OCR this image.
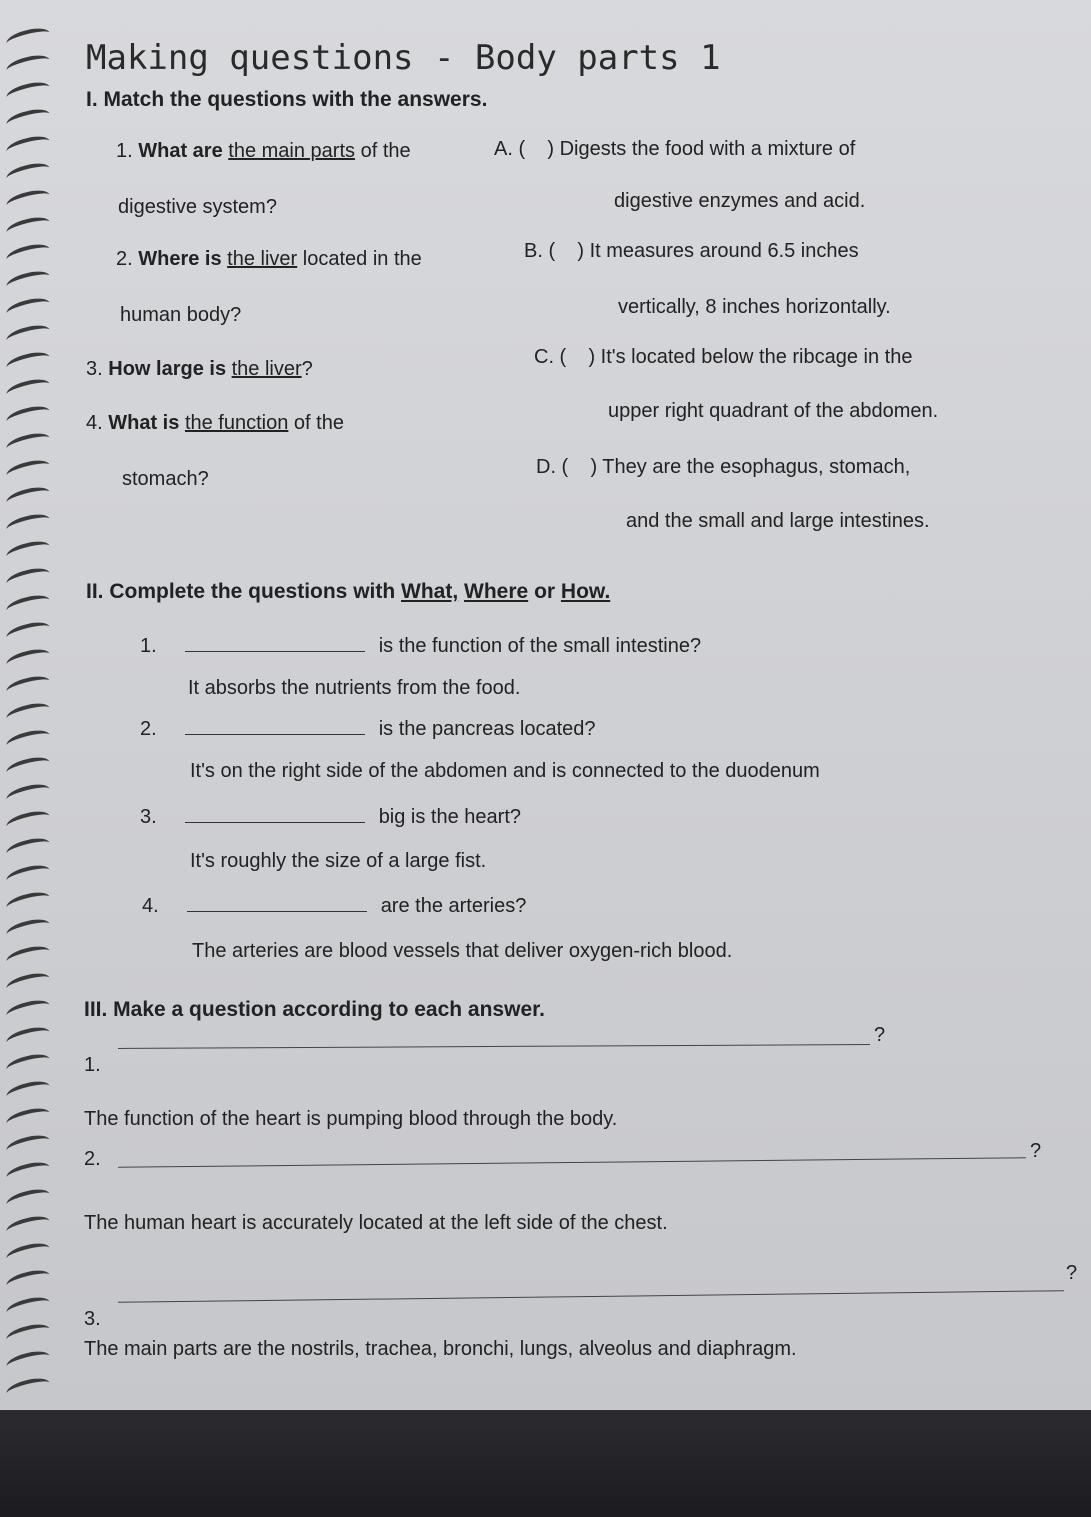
Making questions - Body parts 1
I. Match the questions with the answers.
1. What are the main parts of the
digestive system?
2. Where is the liver located in the
human body?
3. How large is the liver?
4. What is the function of the
stomach?
A. ( ) Digests the food with a mixture of
digestive enzymes and acid.
B. ( ) It measures around 6.5 inches
vertically, 8 inches horizontally.
C. ( ) It's located below the ribcage in the
upper right quadrant of the abdomen.
D. ( ) They are the esophagus, stomach,
and the small and large intestines.
II. Complete the questions with What, Where or How.
1.	is the function of the small intestine?
It absorbs the nutrients from the food.
2.	is the pancreas located?
It's on the right side of the abdomen and is connected to the duodenum
3.	big is the heart?
It's roughly the size of a large fist.
4.	are the arteries?
The arteries are blood vessels that deliver oxygen-rich blood.
III. Make a question according to each answer.
1.
?
The function of the heart is pumping blood through the body.
2.	?
The human heart is accurately located at the left side of the chest.
3.
?
The main parts are the nostrils, trachea, bronchi, lungs, alveolus and diaphragm.
